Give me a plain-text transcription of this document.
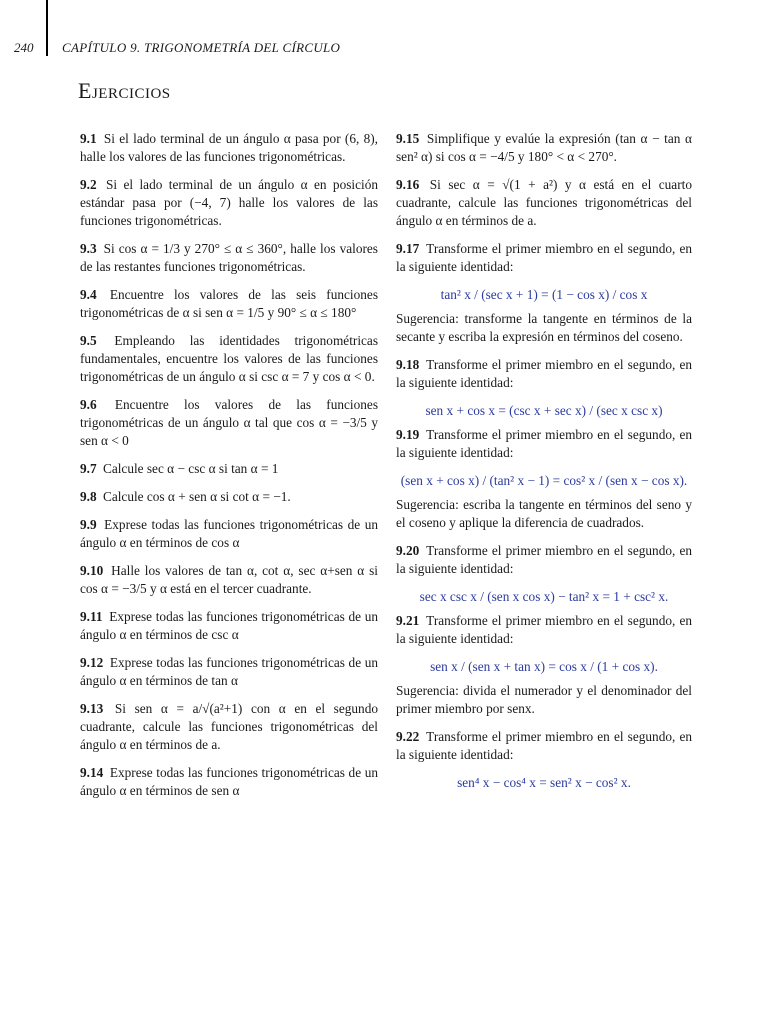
240 CAPÍTULO 9. TRIGONOMETRÍA DEL CÍRCULO
Ejercicios
9.1 Si el lado terminal de un ángulo α pasa por (6, 8), halle los valores de las funciones trigonométricas.
9.2 Si el lado terminal de un ángulo α en posición estándar pasa por (−4, 7) halle los valores de las funciones trigonométricas.
9.3 Si cos α = 1/3 y 270° ≤ α ≤ 360°, halle los valores de las restantes funciones trigonométricas.
9.4 Encuentre los valores de las seis funciones trigonométricas de α si sen α = 1/5 y 90° ≤ α ≤ 180°
9.5 Empleando las identidades trigonométricas fundamentales, encuentre los valores de las funciones trigonométricas de un ángulo α si csc α = 7 y cos α < 0.
9.6 Encuentre los valores de las funciones trigonométricas de un ángulo α tal que cos α = −3/5 y sen α < 0
9.7 Calcule sec α − csc α si tan α = 1
9.8 Calcule cos α + sen α si cot α = −1.
9.9 Exprese todas las funciones trigonométricas de un ángulo α en términos de cos α
9.10 Halle los valores de tan α, cot α, sec α+sen α si cos α = −3/5 y α está en el tercer cuadrante.
9.11 Exprese todas las funciones trigonométricas de un ángulo α en términos de csc α
9.12 Exprese todas las funciones trigonométricas de un ángulo α en términos de tan α
9.13 Si sen α = a/√(a²+1) con α en el segundo cuadrante, calcule las funciones trigonométricas del ángulo α en términos de a.
9.14 Exprese todas las funciones trigonométricas de un ángulo α en términos de sen α
9.15 Simplifique y evalúe la expresión (tan α − tan α sen² α) si cos α = −4/5 y 180° < α < 270°.
9.16 Si sec α = √(1 + a²) y α está en el cuarto cuadrante, calcule las funciones trigonométricas del ángulo α en términos de a.
9.17 Transforme el primer miembro en el segundo, en la siguiente identidad:
tan² x / (sec x + 1) = (1 − cos x) / cos x
Sugerencia: transforme la tangente en términos de la secante y escriba la expresión en términos del coseno.
9.18 Transforme el primer miembro en el segundo, en la siguiente identidad:
sen x + cos x = (csc x + sec x) / (sec x csc x)
9.19 Transforme el primer miembro en el segundo, en la siguiente identidad:
(sen x + cos x) / (tan² x − 1) = cos² x / (sen x − cos x).
Sugerencia: escriba la tangente en términos del seno y el coseno y aplique la diferencia de cuadrados.
9.20 Transforme el primer miembro en el segundo, en la siguiente identidad:
sec x csc x / (sen x cos x) − tan² x = 1 + csc² x.
9.21 Transforme el primer miembro en el segundo, en la siguiente identidad:
sen x / (sen x + tan x) = cos x / (1 + cos x).
Sugerencia: divida el numerador y el denominador del primer miembro por senx.
9.22 Transforme el primer miembro en el segundo, en la siguiente identidad:
sen⁴ x − cos⁴ x = sen² x − cos² x.
